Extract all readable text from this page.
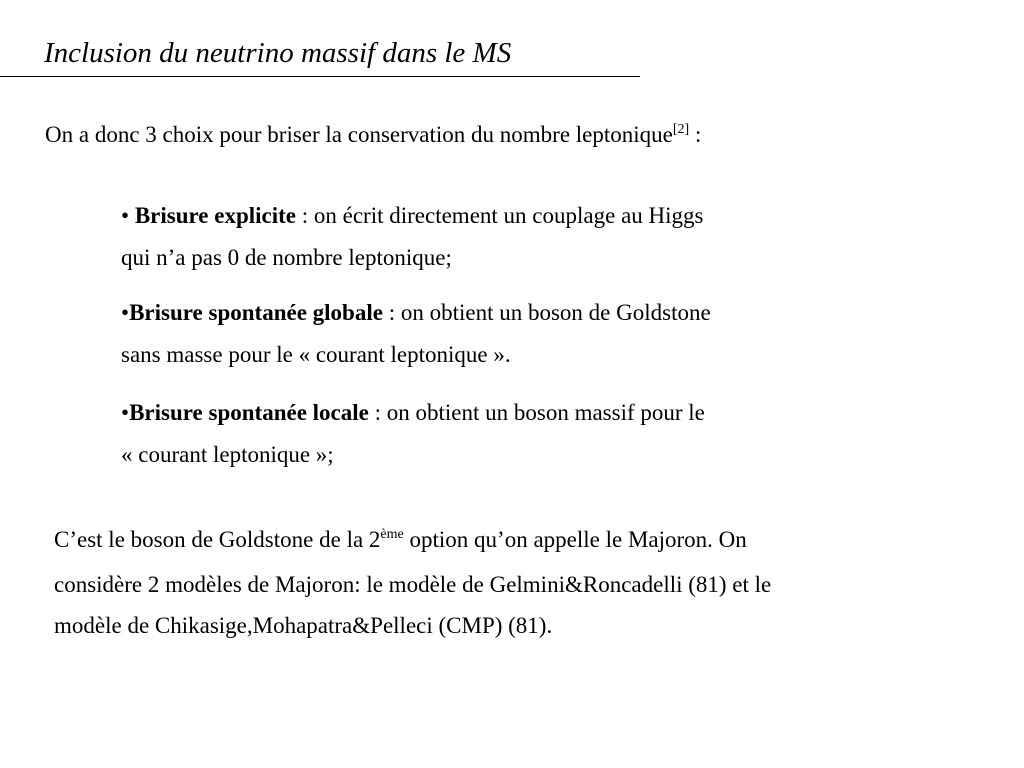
Inclusion du neutrino massif dans le MS
On a donc 3 choix pour briser la conservation du nombre leptonique[2] :
• Brisure explicite : on écrit directement un couplage au Higgs
qui n’a pas 0 de nombre leptonique;
•Brisure spontanée globale : on obtient un boson de Goldstone
sans masse pour le « courant leptonique ».
•Brisure spontanée locale : on obtient un boson massif pour le
« courant leptonique »;
C’est le boson de Goldstone de la 2ème option qu’on appelle le Majoron. On
considère 2 modèles de Majoron: le modèle de Gelmini&Roncadelli (81) et le
modèle de Chikasige,Mohapatra&Pelleci (CMP) (81).
